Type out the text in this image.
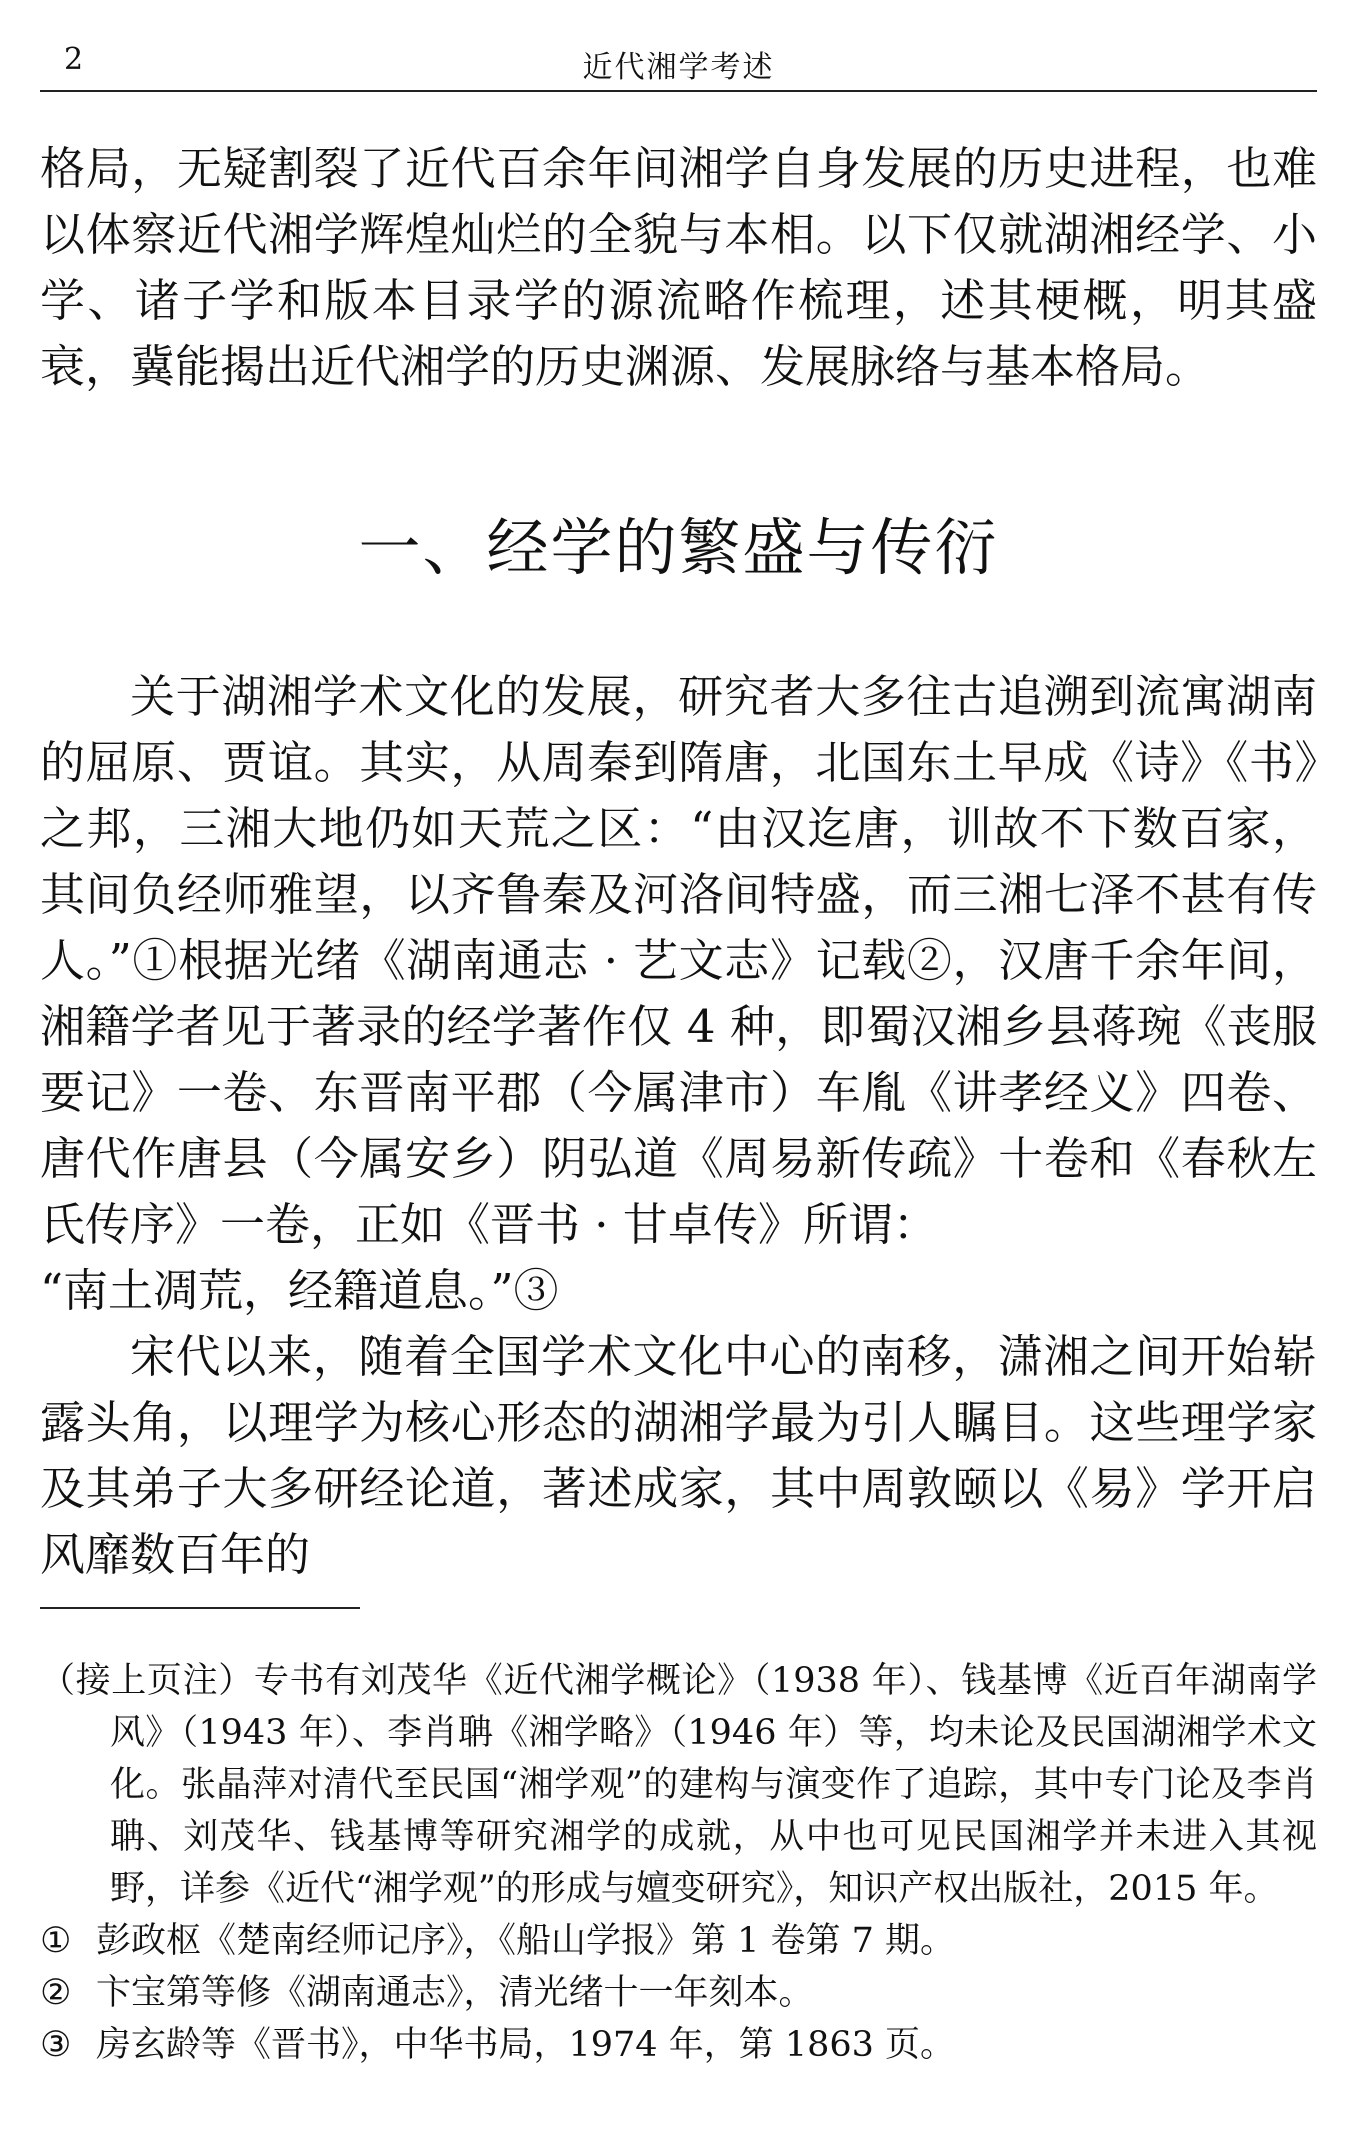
2	近代湘学考述

格局，无疑割裂了近代百余年间湘学自身发展的历史进程，也难以体察近代湘学辉煌灿烂的全貌与本相。以下仅就湖湘经学、小学、诸子学和版本目录学的源流略作梳理，述其梗概，明其盛衰，冀能揭出近代湘学的历史渊源、发展脉络与基本格局。

一、经学的繁盛与传衍

关于湖湘学术文化的发展，研究者大多往古追溯到流寓湖南的屈原、贾谊。其实，从周秦到隋唐，北国东土早成《诗》《书》之邦，三湘大地仍如天荒之区：“由汉迄唐，训故不下数百家，其间负经师雅望，以齐鲁秦及河洛间特盛，而三湘七泽不甚有传人。”①根据光绪《湖南通志 · 艺文志》记载②，汉唐千余年间，湘籍学者见于著录的经学著作仅 4 种，即蜀汉湘乡县蒋琬《丧服要记》一卷、东晋南平郡（今属津市）车胤《讲孝经义》四卷、唐代作唐县（今属安乡）阴弘道《周易新传疏》十卷和《春秋左氏传序》一卷，正如《晋书 · 甘卓传》所谓：

“南土凋荒，经籍道息。”③

宋代以来，随着全国学术文化中心的南移，潇湘之间开始崭露头角，以理学为核心形态的湖湘学最为引人瞩目。这些理学家及其弟子大多研经论道，著述成家，其中周敦颐以《易》学开启风靡数百年的

（接上页注）专书有刘茂华《近代湘学概论》（1938 年）、钱基博《近百年湖南学风》（1943 年）、李肖聃《湘学略》（1946 年）等，均未论及民国湖湘学术文化。张晶萍对清代至民国“湘学观”的建构与演变作了追踪，其中专门论及李肖聃、刘茂华、钱基博等研究湘学的成就，从中也可见民国湘学并未进入其视野，详参《近代“湘学观”的形成与嬗变研究》，知识产权出版社，2015 年。

① 彭政枢《楚南经师记序》，《船山学报》第 1 卷第 7 期。
② 卞宝第等修《湖南通志》，清光绪十一年刻本。
③ 房玄龄等《晋书》，中华书局，1974 年，第 1863 页。
